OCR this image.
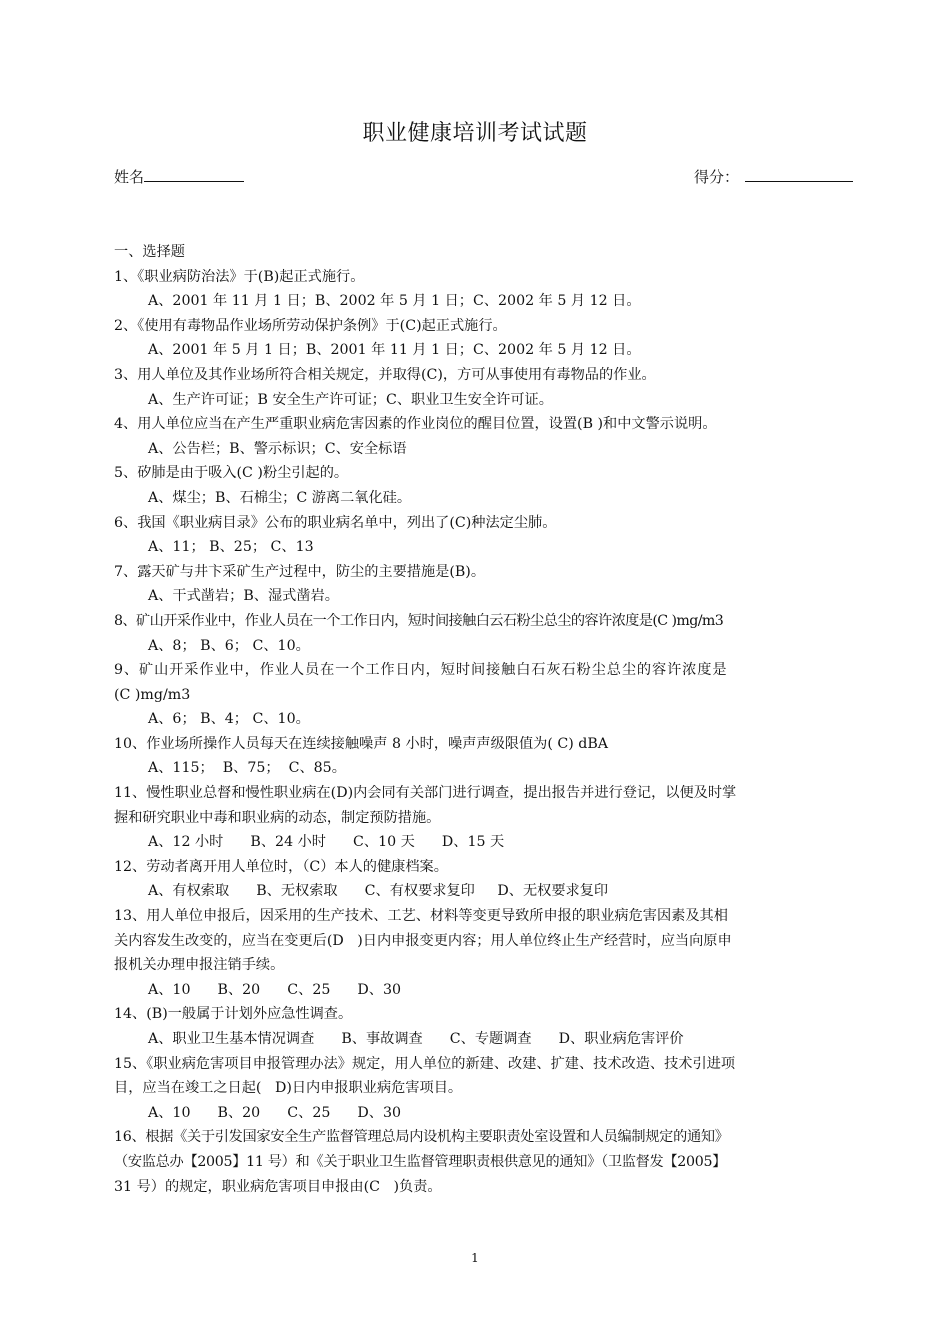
职业健康培训考试试题
姓名	得分：
一、选择题
1、《职业病防治法》于(B)起正式施行。
A、2001 年 11 月 1 日；B、2002 年 5 月 1 日；C、2002 年 5 月 12 日。
2、《使用有毒物品作业场所劳动保护条例》于(C)起正式施行。
A、2001 年 5 月 1 日；B、2001 年 11 月 1 日；C、2002 年 5 月 12 日。
3、用人单位及其作业场所符合相关规定，并取得(C)，方可从事使用有毒物品的作业。
A、生产许可证；B 安全生产许可证；C、职业卫生安全许可证。
4、用人单位应当在产生严重职业病危害因素的作业岗位的醒目位置，设置(B )和中文警示说明。
A、公告栏；B、警示标识；C、安全标语
5、矽肺是由于吸入(C )粉尘引起的。
A、煤尘；B、石棉尘；C 游离二氧化硅。
6、我国《职业病目录》公布的职业病名单中，列出了(C)种法定尘肺。
A、11； B、25； C、13
7、露天矿与井卞采矿生产过程中，防尘的主要措施是(B)。
A、干式凿岩；B、湿式凿岩。
8、矿山开采作业中，作业人员在一个工作日内，短时间接触白云石粉尘总尘的容许浓度是(C )mg/m3
A、8； B、6； C、10。
9、矿山开采作业中，作业人员在一个工作日内，短时间接触白石灰石粉尘总尘的容许浓度是
(C )mg/m3
A、6； B、4； C、10。
10、作业场所操作人员每天在连续接触噪声 8 小时，噪声声级限值为( C) dBA
A、115；  B、75；  C、85。
11、慢性职业总督和慢性职业病在(D)内会同有关部门进行调查，提出报告并进行登记，以便及时掌
握和研究职业中毒和职业病的动态，制定预防措施。
A、12 小时      B、24 小时      C、10 天      D、15 天
12、劳动者离开用人单位时，（C）本人的健康档案。
A、有权索取      B、无权索取      C、有权要求复印     D、无权要求复印
13、用人单位申报后，因采用的生产技术、工艺、材料等变更导致所申报的职业病危害因素及其相
关内容发生改变的，应当在变更后(D   )日内申报变更内容；用人单位终止生产经营时，应当向原申
报机关办理申报注销手续。
A、10      B、20      C、25      D、30
14、(B)一般属于计划外应急性调查。
A、职业卫生基本情况调查      B、事故调查      C、专题调查      D、职业病危害评价
15、《职业病危害项目申报管理办法》规定，用人单位的新建、改建、扩建、技术改造、技术引进项
目，应当在竣工之日起(   D)日内申报职业病危害项目。
A、10      B、20      C、25      D、30
16、根据《关于引发国家安全生产监督管理总局内设机构主要职责处室设置和人员编制规定的通知》
（安监总办【2005】11 号）和《关于职业卫生监督管理职责根供意见的通知》（卫监督发【2005】
31 号）的规定，职业病危害项目申报由(C   )负责。
1
